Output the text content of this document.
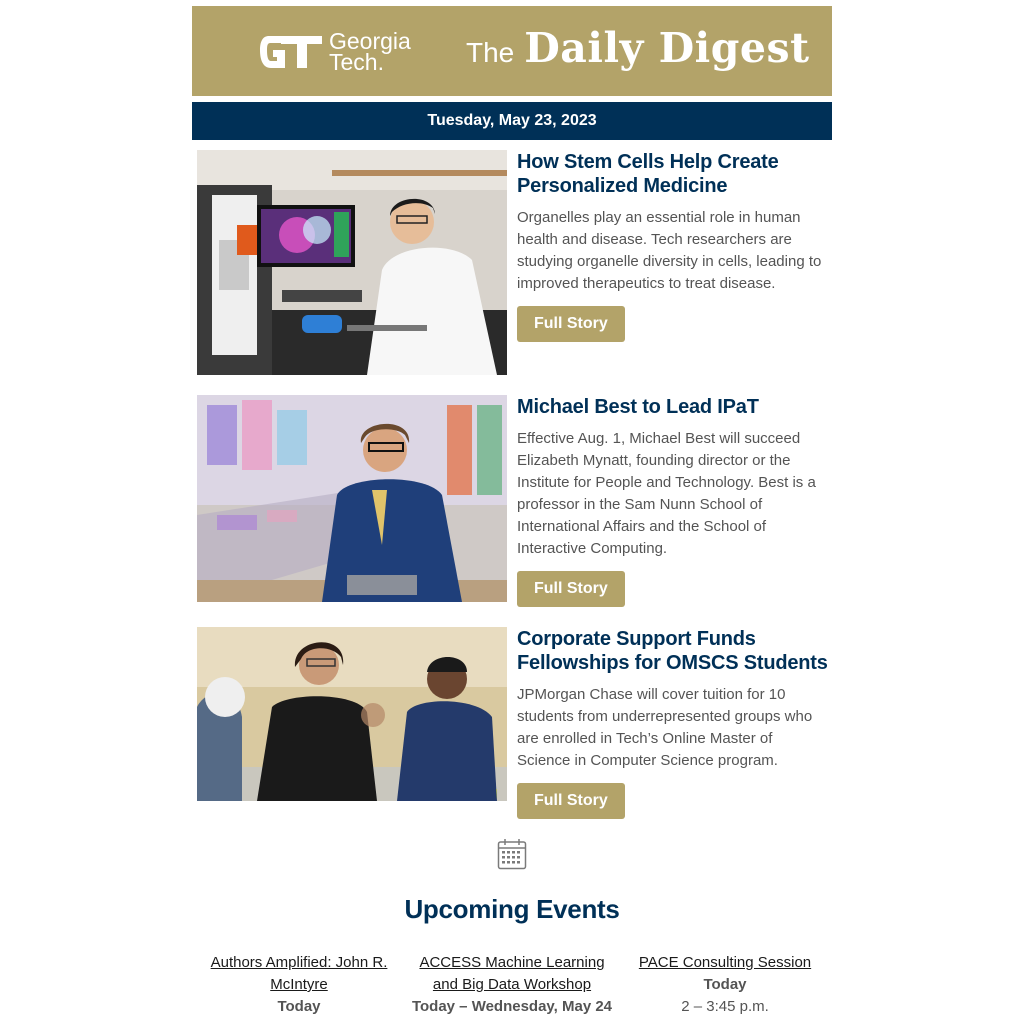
Georgia
Tech.	The Daily Digest
Tuesday, May 23, 2023
How Stem Cells Help Create Personalized Medicine

Organelles play an essential role in human health and disease. Tech researchers are studying organelle diversity in cells, leading to improved therapeutics to treat disease.

Full Story
Michael Best to Lead IPaT

Effective Aug. 1, Michael Best will succeed Elizabeth Mynatt, founding director or the Institute for People and Technology. Best is a professor in the Sam Nunn School of International Affairs and the School of Interactive Computing.

Full Story
Corporate Support Funds Fellowships for OMSCS Students

JPMorgan Chase will cover tuition for 10 students from underrepresented groups who are enrolled in Tech’s Online Master of Science in Computer Science program.

Full Story
Upcoming Events
Authors Amplified: John R. McIntyre
Today
ACCESS Machine Learning and Big Data Workshop
Today – Wednesday, May 24
PACE Consulting Session
Today
2 – 3:45 p.m.
